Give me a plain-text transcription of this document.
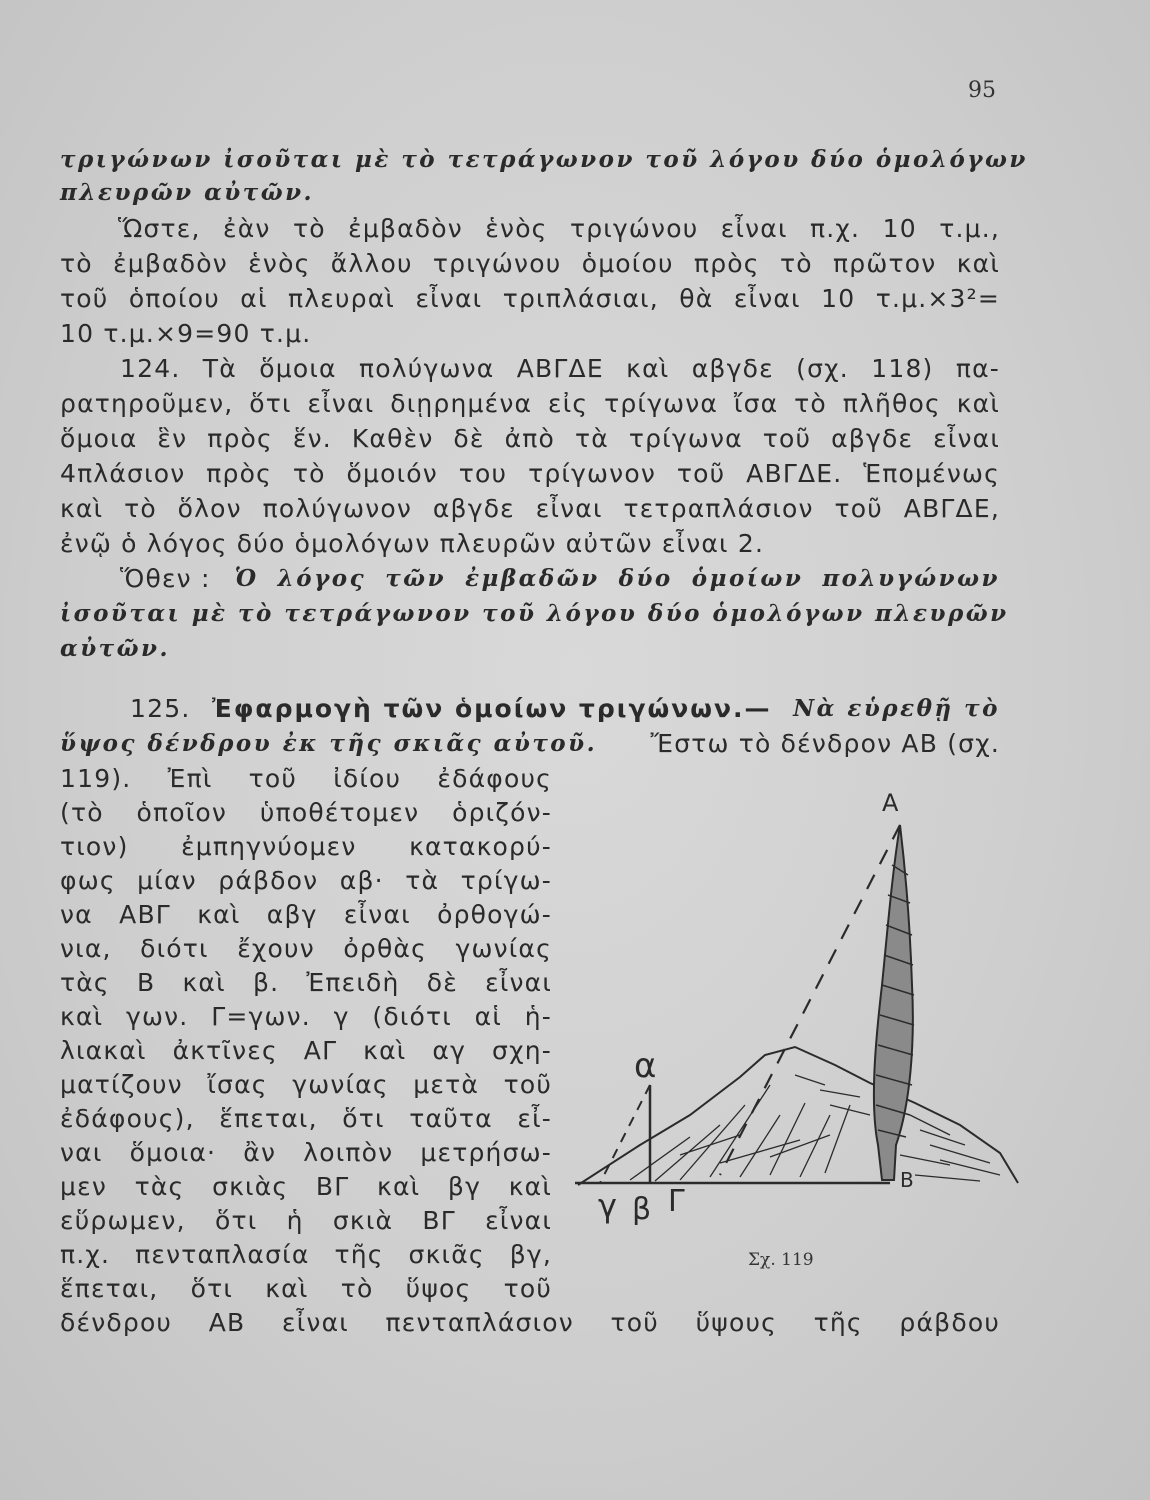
95
τριγώνων ἰσοῦται μὲ τὸ τετράγωνον τοῦ λόγου δύο ὁμολόγων
πλευρῶν αὐτῶν.
Ὥστε, ἐὰν τὸ ἐμβαδὸν ἑνὸς τριγώνου εἶναι π.χ. 10 τ.μ.,
τὸ ἐμβαδὸν ἑνὸς ἄλλου τριγώνου ὁμοίου πρὸς τὸ πρῶτον καὶ
τοῦ ὁποίου αἱ πλευραὶ εἶναι τριπλάσιαι, θὰ εἶναι 10 τ.μ.×3²=
10 τ.μ.×9=90 τ.μ.
124. Τὰ ὅμοια πολύγωνα ΑΒΓΔΕ καὶ αβγδε (σχ. 118) πα-
ρατηροῦμεν, ὅτι εἶναι διῃρημένα εἰς τρίγωνα ἴσα τὸ πλῆθος καὶ
ὅμοια ἓν πρὸς ἕν. Καθὲν δὲ ἀπὸ τὰ τρίγωνα τοῦ αβγδε εἶναι
4πλάσιον πρὸς τὸ ὅμοιόν του τρίγωνον τοῦ ΑΒΓΔΕ. Ἑπομένως
καὶ τὸ ὅλον πολύγωνον αβγδε εἶναι τετραπλάσιον τοῦ ΑΒΓΔΕ,
ἐνῷ ὁ λόγος δύο ὁμολόγων πλευρῶν αὐτῶν εἶναι 2.
Ὅθεν : Ὁ λόγος τῶν ἐμβαδῶν δύο ὁμοίων πολυγώνων
ἰσοῦται μὲ τὸ τετράγωνον τοῦ λόγου δύο ὁμολόγων πλευρῶν
αὐτῶν.
125. Ἐφαρμογὴ τῶν ὁμοίων τριγώνων.— Νὰ εὑρεθῇ τὸ
ὕψος δένδρου ἐκ τῆς σκιᾶς αὐτοῦ. Ἔστω τὸ δένδρον ΑΒ (σχ.
119). Ἐπὶ τοῦ ἰδίου ἐδάφους
(τὸ ὁποῖον ὑποθέτομεν ὁριζόν-
τιον) ἐμπηγνύομεν κατακορύ-
φως μίαν ράβδον αβ· τὰ τρίγω-
να ΑΒΓ καὶ αβγ εἶναι ὀρθογώ-
νια, διότι ἔχουν ὀρθὰς γωνίας
τὰς Β καὶ β. Ἐπειδὴ δὲ εἶναι
καὶ γων. Γ=γων. γ (διότι αἱ ἡ-
λιακαὶ ἀκτῖνες ΑΓ καὶ αγ σχη-
ματίζουν ἴσας γωνίας μετὰ τοῦ
ἐδάφους), ἕπεται, ὅτι ταῦτα εἶ-
ναι ὅμοια· ἂν λοιπὸν μετρήσω-
μεν τὰς σκιὰς ΒΓ καὶ βγ καὶ
εὕρωμεν, ὅτι ἡ σκιὰ ΒΓ εἶναι
π.χ. πενταπλασία τῆς σκιᾶς βγ,
ἕπεται, ὅτι καὶ τὸ ὕψος τοῦ
δένδρου ΑΒ εἶναι πενταπλάσιον τοῦ ὕψους τῆς ράβδου
Α
Β
α
γ β Γ
Σχ. 119
